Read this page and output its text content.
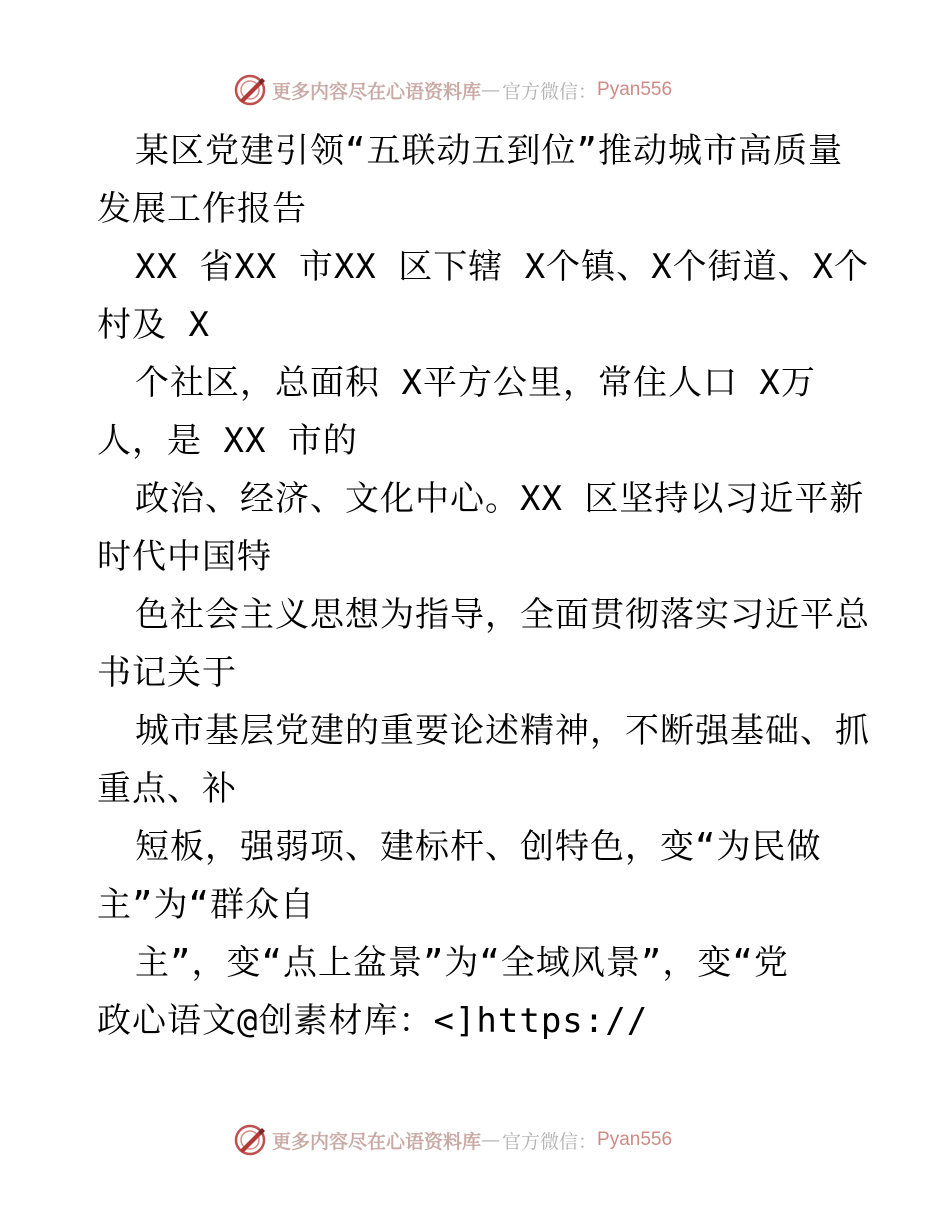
更多内容尽在心语资料库 — 官方微信： Pyan556
某区党建引领“五联动五到位”推动城市高质量
发展工作报告
XX 省XX 市XX 区下辖 X个镇、X个街道、X个
村及 X
个社区，总面积 X平方公里，常住人口 X万
人，是 XX 市的
政治、经济、文化中心。XX 区坚持以习近平新
时代中国特
色社会主义思想为指导，全面贯彻落实习近平总
书记关于
城市基层党建的重要论述精神，不断强基础、抓
重点、补
短板，强弱项、建标杆、创特色，变“为民做
主”为“群众自
主”，变“点上盆景”为“全域风景”，变“党
政心语文@创素材库：<]https://
更多内容尽在心语资料库 — 官方微信： Pyan556
